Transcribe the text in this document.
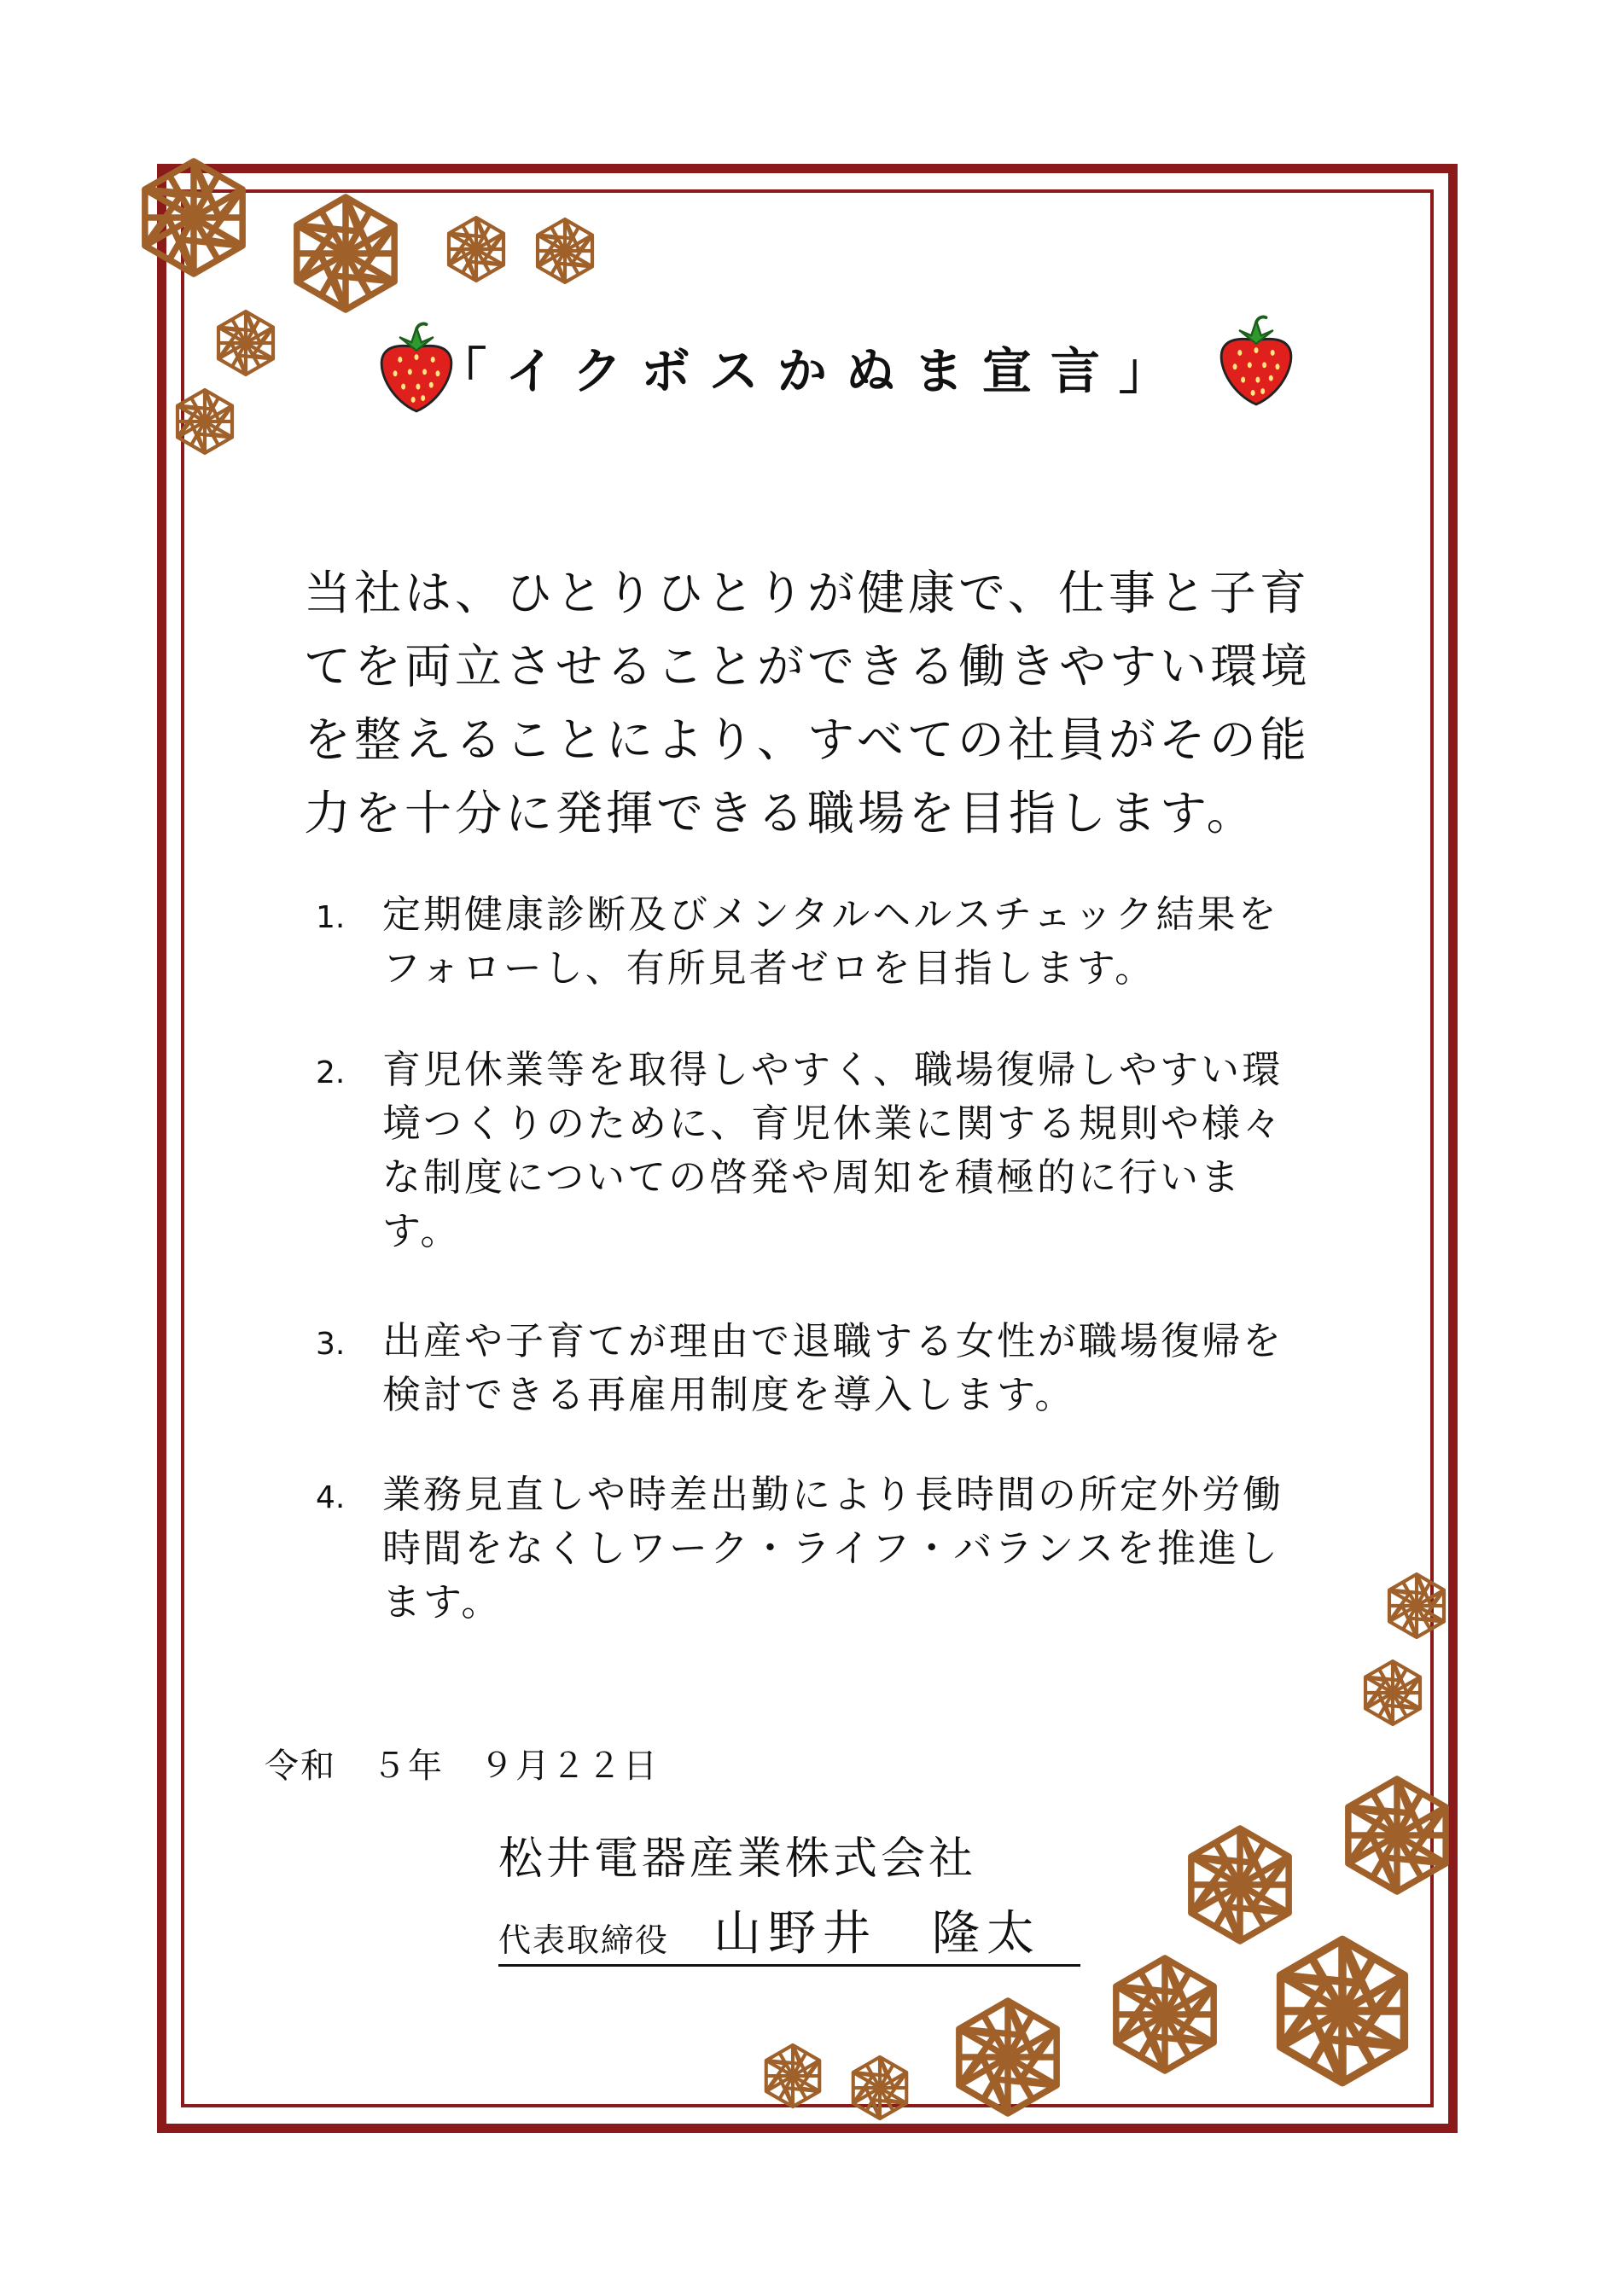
「イクボスかぬま宣言」
当社は、ひとりひとりが健康で、仕事と子育てを両立させることができる働きやすい環境を整えることにより、すべての社員がその能力を十分に発揮できる職場を目指します。
1. 定期健康診断及びメンタルヘルスチェック結果をフォローし、有所見者ゼロを目指します。
2. 育児休業等を取得しやすく、職場復帰しやすい環境つくりのために、育児休業に関する規則や様々な制度についての啓発や周知を積極的に行います。
3. 出産や子育てが理由で退職する女性が職場復帰を検討できる再雇用制度を導入します。
4. 業務見直しや時差出勤により長時間の所定外労働時間をなくしワーク・ライフ・バランスを推進します。
令和　５年　９月２２日
松井電器産業株式会社
代表取締役 山野井　隆太
